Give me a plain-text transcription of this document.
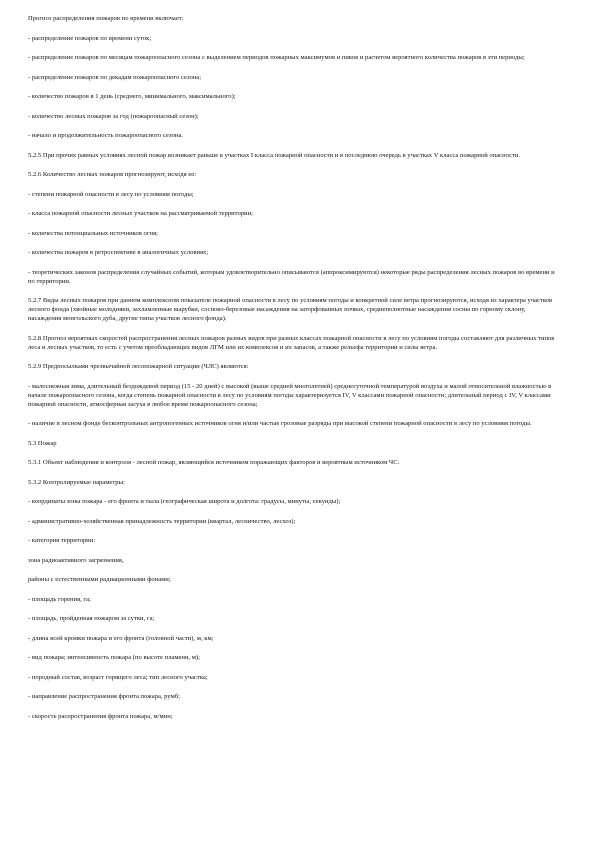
Прогноз распределения пожаров по времени включает:

- распределение пожаров по времени суток;

- распределение пожаров по месяцам пожароопасного сезона с выделением периодов пожарных максимумов и пиков и расчетом вероятного количества пожаров в эти периоды;

- распределение пожаров по декадам пожароопасного сезона;

- количество пожаров в 1 день (среднего, минимального, максимального);

- количество лесных пожаров за год (пожароопасный сезон);

- начало и продолжительность пожароопасного сезона.

5.2.5 При прочих равных условиях лесной пожар возникает раньше в участках I класса пожарной опасности и в последнюю очередь в участках V класса пожарной опасности.

5.2.6 Количество лесных пожаров прогнозируют, исходя из:

- степени пожарной опасности в лесу по условиям погоды;

- класса пожарной опасности лесных участков на рассматриваемой территории;

- количества потенциальных источников огня;

- количества пожаров в ретроспективе в аналогичных условиях;

- теоретических законов распределения случайных событий, которым удовлетворительно описываются (аппроксимируются) некоторые ряды распределения лесных пожаров во времени и по территории.

5.2.7 Виды лесных пожаров при данном комплексном показателе пожарной опасности в лесу по условиям погоды и конкретной силе ветра прогнозируются, исходя из характера участков лесного фонда (хвойные молодняки, захламленные вырубки, сосново-березовые насаждения на заторфованных почвах, среднеполнотные насаждения сосны по горному склону, насаждения монгольского дуба, другие типы участков лесного фонда).

5.2.8 Прогноз вероятных скоростей распространения лесных пожаров разных видов при разных классах пожарной опасности в лесу по условиям погоды составляют для различных типов леса и лесных участков, то есть с учетом преобладающих видов ЛГМ или их комплексов и их запасов, а также рельефа территории и силы ветра.

5.2.9 Предпосылками чрезвычайной лесопожарной ситуации (ЧЛС) являются:

- малоснежная зима, длительный бездождевой период (15 - 20 дней) с высокой (выше средней многолетней) среднесуточной температурой воздуха и малой относительной влажностью в начале пожароопасного сезона, когда степень пожарной опасности в лесу по условиям погоды характеризуется IV, V классами пожарной опасности; длительный период с IV, V классами пожарной опасности, атмосферная засуха в любое время пожароопасного сезона;

- наличие в лесном фонде бесконтрольных антропогенных источников огня и/или частые грозовые разряды при высокой степени пожарной опасности в лесу по условиям погоды.

5.3 Пожар

5.3.1 Объект наблюдения и контроля - лесной пожар, являющийся источником поражающих факторов и вероятным источником ЧС.

5.3.2 Контролируемые параметры:

- координаты зоны пожара - его фронта и тыла (географическая широта и долгота: градусы, минуты, секунды);

- административно-хозяйственная принадлежность территории (квартал, лесничество, лесхоз);

- категория территории:

зона радиоактивного загрязнения,

районы с естественными радиационными фонами;

- площадь горения, га;

- площадь, пройденная пожаром за сутки, га;

- длина всей кромки пожара и его фронта (головной части), м, км;

- вид пожара; интенсивность пожара (по высоте пламени, м);

- породный состав, возраст горящего леса; тип лесного участка;

- направление распространения фронта пожара, румб;

- скорость распространения фронта пожара, м/мин;
